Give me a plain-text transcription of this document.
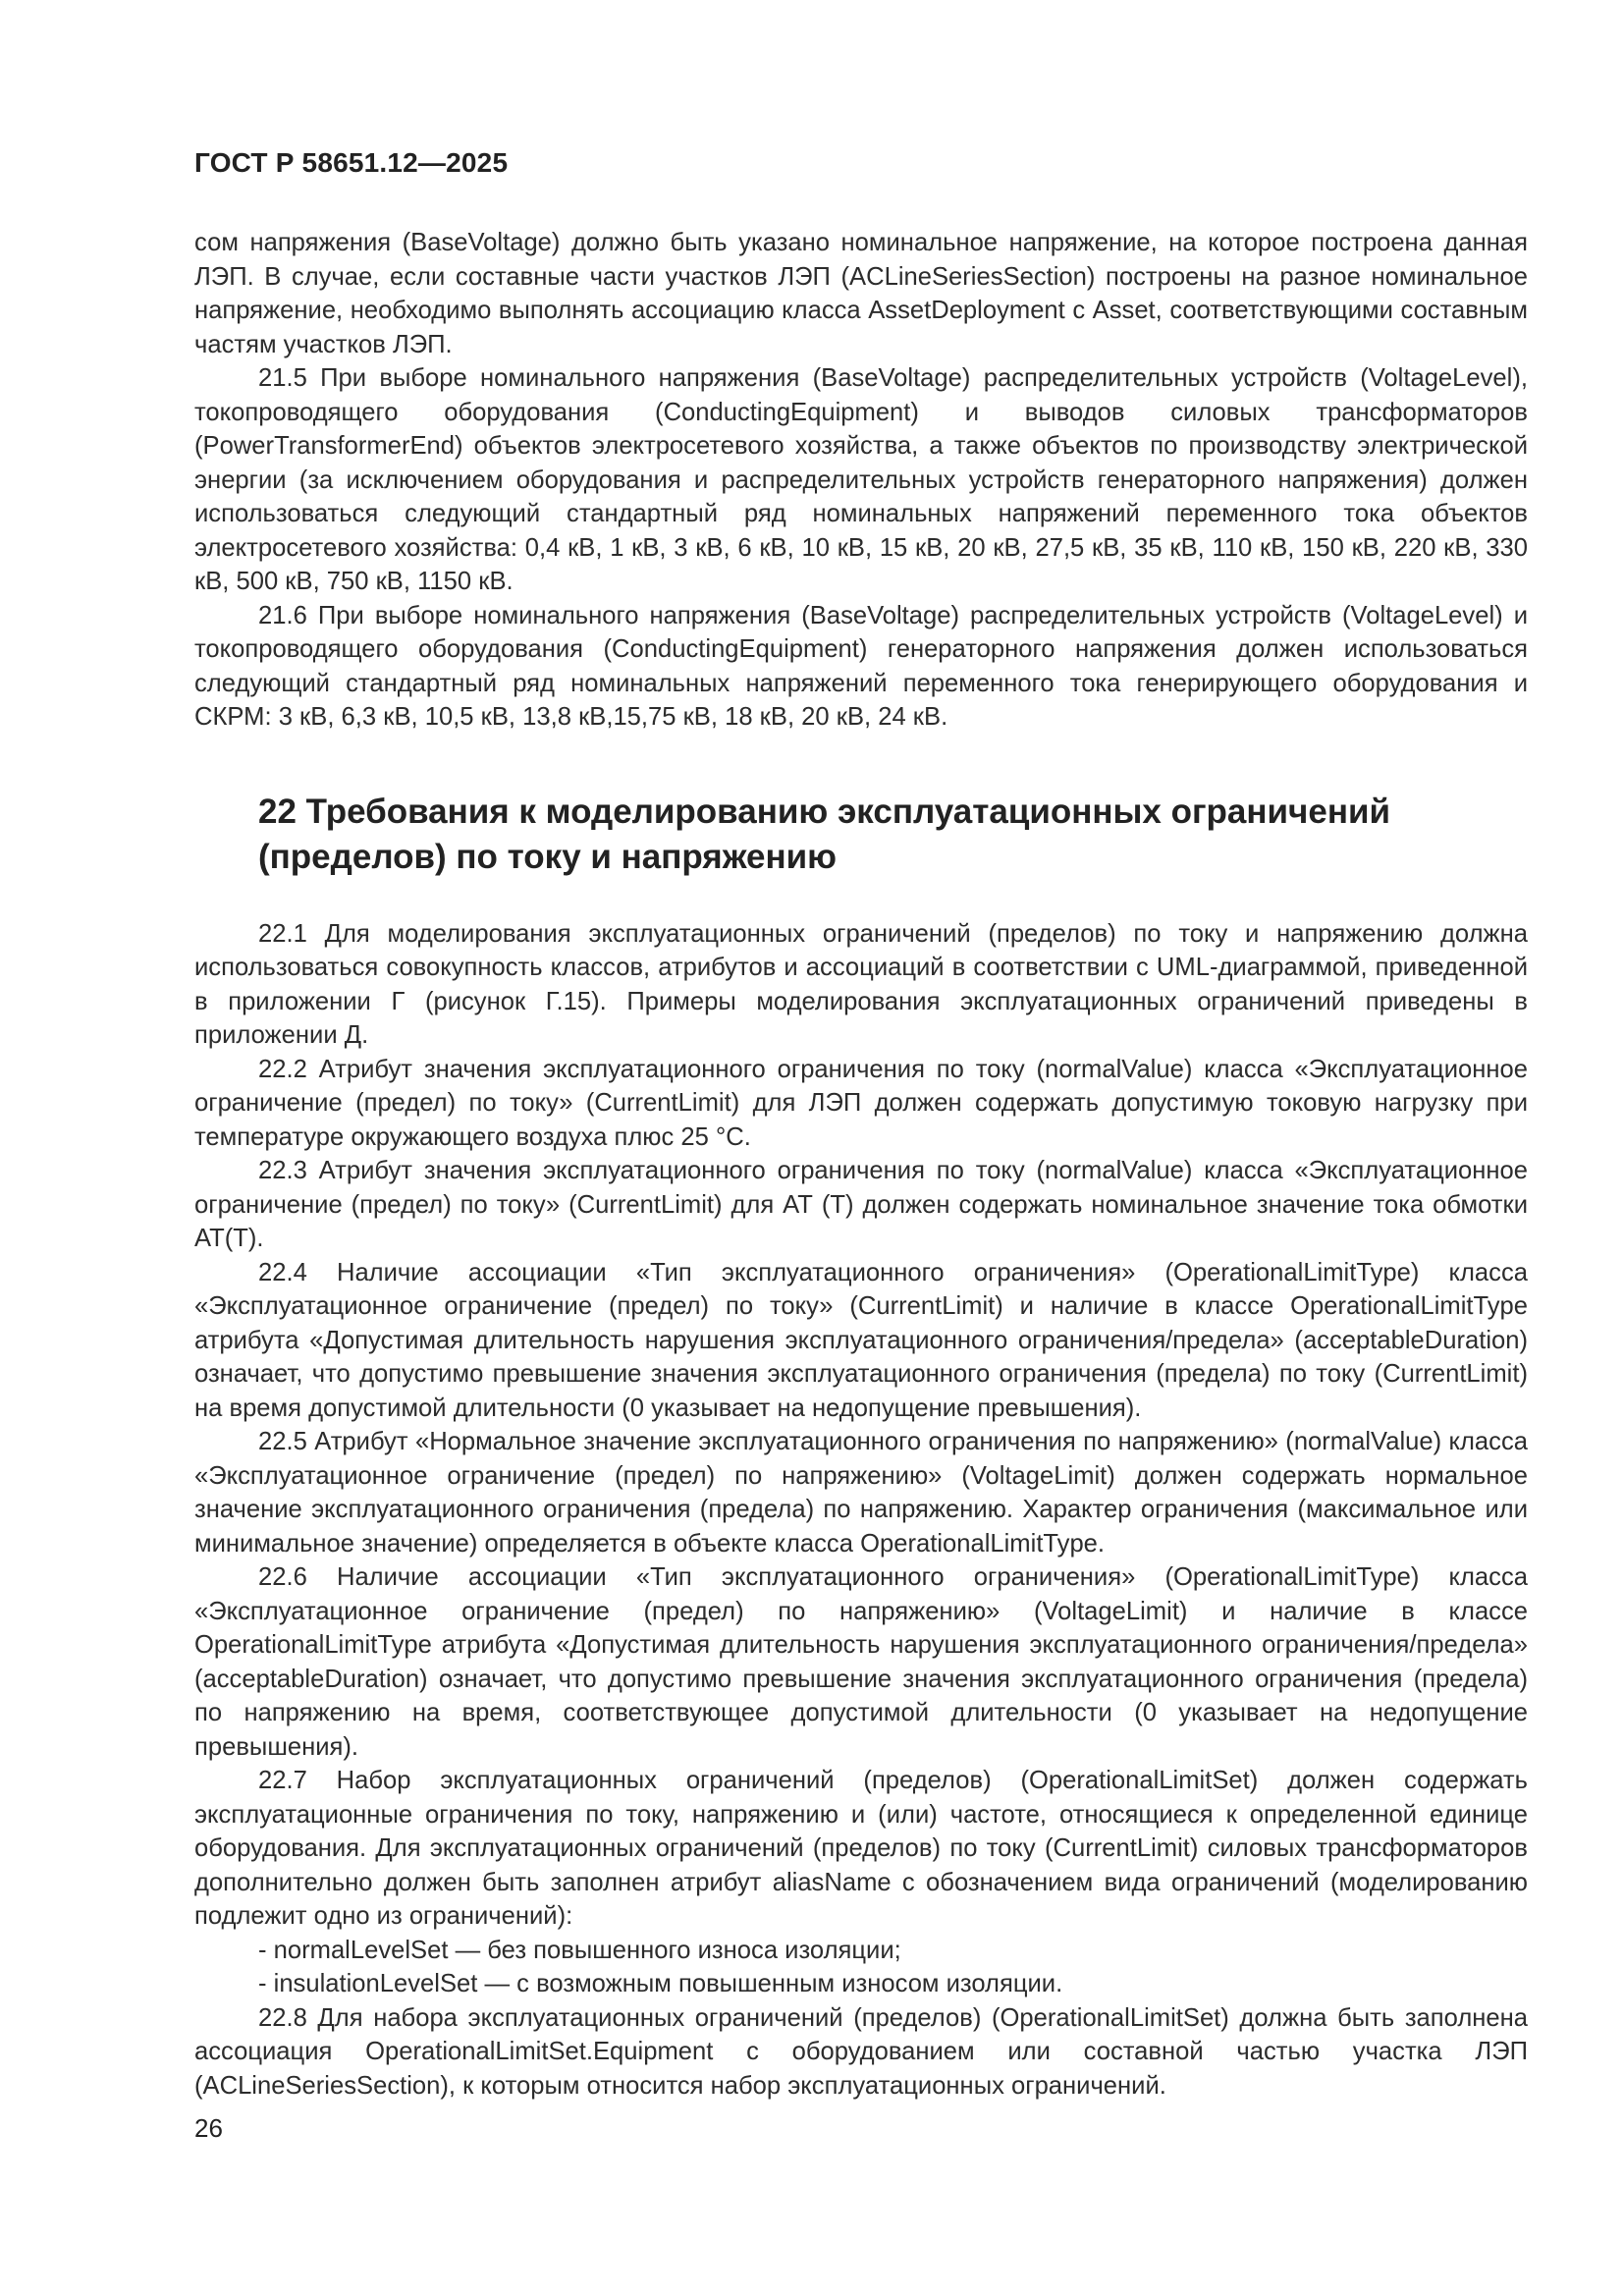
ГОСТ Р 58651.12—2025

сом напряжения (BaseVoltage) должно быть указано номинальное напряжение, на которое построена данная ЛЭП. В случае, если составные части участков ЛЭП (ACLineSeriesSection) построены на разное номинальное напряжение, необходимо выполнять ассоциацию класса AssetDeployment с Asset, соответствующими составным частям участков ЛЭП.

21.5 При выборе номинального напряжения (BaseVoltage) распределительных устройств (VoltageLevel), токопроводящего оборудования (ConductingEquipment) и выводов силовых трансформаторов (PowerTransformerEnd) объектов электросетевого хозяйства, а также объектов по производству электрической энергии (за исключением оборудования и распределительных устройств генераторного напряжения) должен использоваться следующий стандартный ряд номинальных напряжений переменного тока объектов электросетевого хозяйства: 0,4 кВ, 1 кВ, 3 кВ, 6 кВ, 10 кВ, 15 кВ, 20 кВ, 27,5 кВ, 35 кВ, 110 кВ, 150 кВ, 220 кВ, 330 кВ, 500 кВ, 750 кВ, 1150 кВ.

21.6 При выборе номинального напряжения (BaseVoltage) распределительных устройств (VoltageLevel) и токопроводящего оборудования (ConductingEquipment) генераторного напряжения должен использоваться следующий стандартный ряд номинальных напряжений переменного тока генерирующего оборудования и СКРМ: 3 кВ, 6,3 кВ, 10,5 кВ, 13,8 кВ,15,75 кВ, 18 кВ, 20 кВ, 24 кВ.

22 Требования к моделированию эксплуатационных ограничений
(пределов) по току и напряжению

22.1 Для моделирования эксплуатационных ограничений (пределов) по току и напряжению должна использоваться совокупность классов, атрибутов и ассоциаций в соответствии с UML-диаграммой, приведенной в приложении Г (рисунок Г.15). Примеры моделирования эксплуатационных ограничений приведены в приложении Д.

22.2 Атрибут значения эксплуатационного ограничения по току (normalValue) класса «Эксплуатационное ограничение (предел) по току» (CurrentLimit) для ЛЭП должен содержать допустимую токовую нагрузку при температуре окружающего воздуха плюс 25 °С.

22.3 Атрибут значения эксплуатационного ограничения по току (normalValue) класса «Эксплуатационное ограничение (предел) по току» (CurrentLimit) для АТ (Т) должен содержать номинальное значение тока обмотки АТ(Т).

22.4 Наличие ассоциации «Тип эксплуатационного ограничения» (OperationalLimitType) класса «Эксплуатационное ограничение (предел) по току» (CurrentLimit) и наличие в классе OperationalLimitType атрибута «Допустимая длительность нарушения эксплуатационного ограничения/предела» (acceptableDuration) означает, что допустимо превышение значения эксплуатационного ограничения (предела) по току (CurrentLimit) на время допустимой длительности (0 указывает на недопущение превышения).

22.5 Атрибут «Нормальное значение эксплуатационного ограничения по напряжению» (normalValue) класса «Эксплуатационное ограничение (предел) по напряжению» (VoltageLimit) должен содержать нормальное значение эксплуатационного ограничения (предела) по напряжению. Характер ограничения (максимальное или минимальное значение) определяется в объекте класса OperationalLimitType.

22.6 Наличие ассоциации «Тип эксплуатационного ограничения» (OperationalLimitType) класса «Эксплуатационное ограничение (предел) по напряжению» (VoltageLimit) и наличие в классе OperationalLimitType атрибута «Допустимая длительность нарушения эксплуатационного ограничения/предела» (acceptableDuration) означает, что допустимо превышение значения эксплуатационного ограничения (предела) по напряжению на время, соответствующее допустимой длительности (0 указывает на недопущение превышения).

22.7 Набор эксплуатационных ограничений (пределов) (OperationalLimitSet) должен содержать эксплуатационные ограничения по току, напряжению и (или) частоте, относящиеся к определенной единице оборудования. Для эксплуатационных ограничений (пределов) по току (CurrentLimit) силовых трансформаторов дополнительно должен быть заполнен атрибут aliasName с обозначением вида ограничений (моделированию подлежит одно из ограничений):

- normalLevelSet — без повышенного износа изоляции;
- insulationLevelSet — с возможным повышенным износом изоляции.

22.8 Для набора эксплуатационных ограничений (пределов) (OperationalLimitSet) должна быть заполнена ассоциация OperationalLimitSet.Equipment с оборудованием или составной частью участка ЛЭП (ACLineSeriesSection), к которым относится набор эксплуатационных ограничений.

26
